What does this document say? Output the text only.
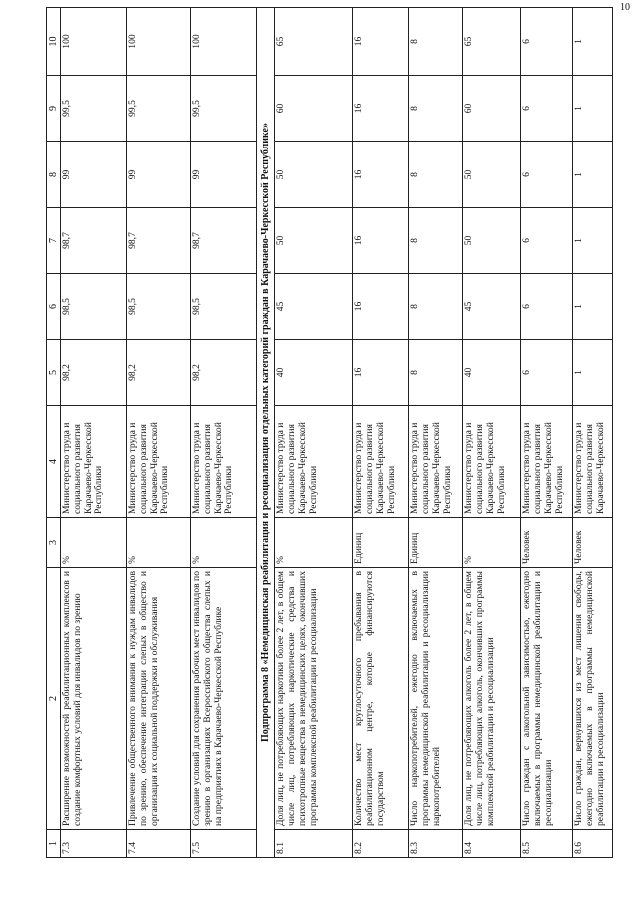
10
1	2	3	4	5	6	7	8	9	10
7.3	Расширение возможностей реабилитационных комплексов и создание комфортных условий для инвалидов по зрению	%	Министерство труда и социального развития Карачаево-Черкесской Республики	98,2	98,5	98,7	99	99,5	100
7.4	Привлечение общественного внимания к нуждам инвалидов по зрению, обеспечение интеграции слепых в общество и организация их социальной поддержки и обслуживания	%	Министерство труда и социального развития Карачаево-Черкесской Республики	98,2	98,5	98,7	99	99,5	100
7.5	Создание условий для сохранения рабочих мест инвалидов по зрению в организациях Всероссийского общества слепых и на предприятиях в Карачаево-Черкесской Республике	%	Министерство труда и социального развития Карачаево-Черкесской Республики	98,2	98,5	98,7	99	99,5	100
Подпрограмма 8 «Немедицинская реабилитация и ресоциализация отдельных категорий граждан в Карачаево-Черкесской Республике»									
8.1	Доля лиц, не потребляющих наркотики более 2 лет, в общем числе лиц, потребляющих наркотические средства и психотропные вещества в немедицинских целях, окончивших программы комплексной реабилитации и ресоциализации	%	Министерство труда и социального развития Карачаево-Черкесской Республики	40	45	50	50	60	65
8.2	Количество мест круглосуточного пребывания в реабилитационном центре, которые финансируются государством	Единиц	Министерство труда и социального развития Карачаево-Черкесской Республики	16	16	16	16	16	16
8.3	Число наркопотребителей, ежегодно включаемых в программы немедицинской реабилитации и ресоциализации наркопотребителей	Единиц	Министерство труда и социального развития Карачаево-Черкесской Республики	8	8	8	8	8	8
8.4	Доля лиц, не потребляющих алкоголь более 2 лет, в общем числе лиц, потребляющих алкоголь, окончивших программы комплексной реабилитации и ресоциализации	%	Министерство труда и социального развития Карачаево-Черкесской Республики	40	45	50	50	60	65
8.5	Число граждан с алкогольной зависимостью, ежегодно включаемых в программы немедицинской реабилитации и ресоциализации	Человек	Министерство труда и социального развития Карачаево-Черкесской Республики	6	6	6	6	6	6
8.6	Число граждан, вернувшихся из мест лишения свободы, ежегодно включаемых в программы немедицинской реабилитации и ресоциализации	Человек	Министерство труда и социального развития Карачаево-Черкесской	1	1	1	1	1	1
